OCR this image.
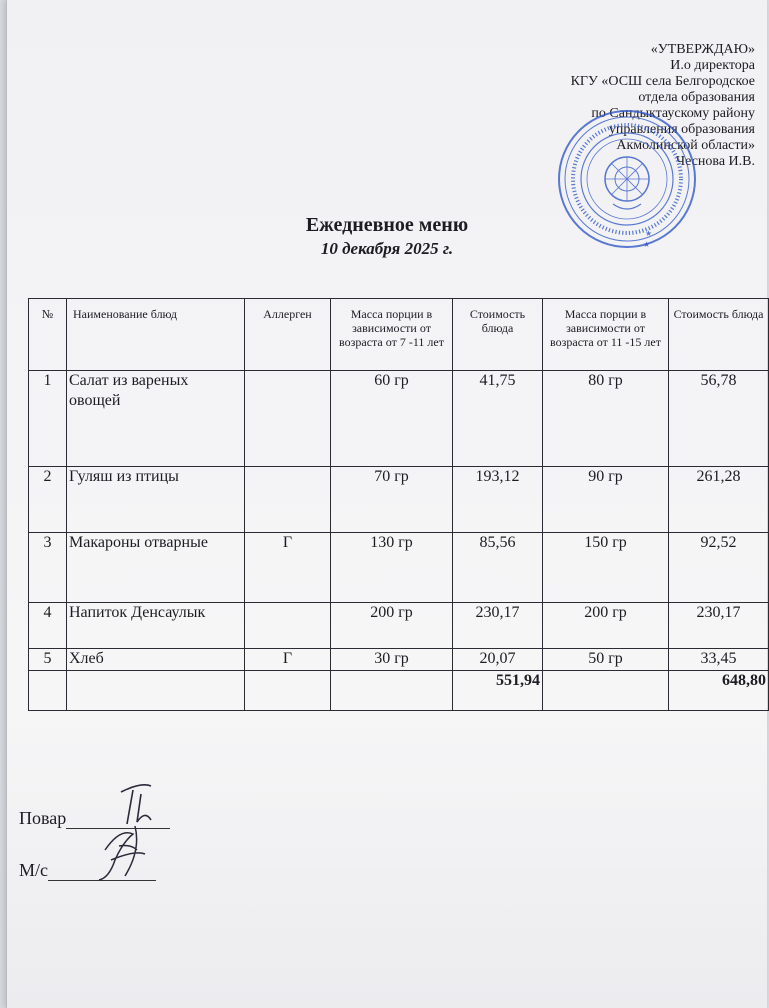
«УТВЕРЖДАЮ»
И.о директора
КГУ «ОСШ села Белгородское
отдела образования
по Сандыктаускому району
управления образования
Акмолинской области»
Чеснова И.В.
★
★
Ежедневное меню
10 декабря 2025 г.
№	Наименование блюд	Аллерген	Масса порции в зависимости от возраста от 7 -11 лет	Стоимость блюда	Масса порции в зависимости от возраста от 11 -15 лет	Стоимость блюда
1	Салат из вареных овощей		60 гр	41,75	80 гр	56,78
2	Гуляш из птицы		70 гр	193,12	90 гр	261,28
3	Макароны отварные	Г	130 гр	85,56	150 гр	92,52
4	Напиток Денсаулык		200 гр	230,17	200 гр	230,17
5	Хлеб	Г	30 гр	20,07	50 гр	33,45
				551,94		648,80
Повар
М/с
